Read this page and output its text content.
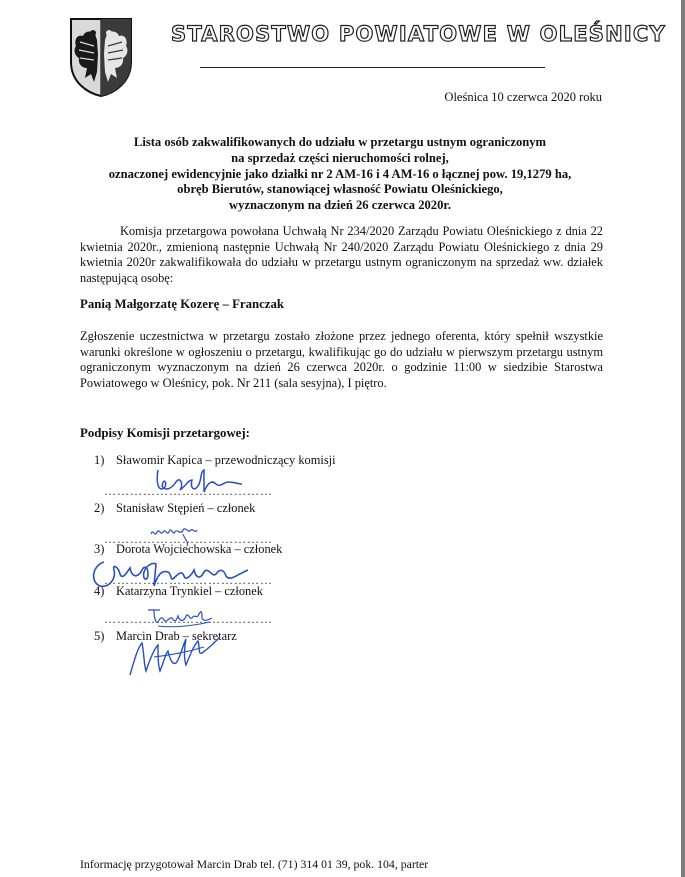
STAROSTWO POWIATOWE W OLEŚNICY
Oleśnica 10 czerwca 2020 roku
Lista osób zakwalifikowanych do udziału w przetargu ustnym ograniczonym
na sprzedaż części nieruchomości rolnej,
oznaczonej ewidencyjnie jako działki nr 2 AM-16 i 4 AM-16 o łącznej pow. 19,1279 ha,
obręb Bierutów, stanowiącej własność Powiatu Oleśnickiego,
wyznaczonym na dzień 26 czerwca 2020r.
Komisja przetargowa powołana Uchwałą Nr 234/2020 Zarządu Powiatu Oleśnickiego z dnia 22 kwietnia 2020r., zmienioną następnie Uchwałą Nr 240/2020 Zarządu Powiatu Oleśnickiego z dnia 29 kwietnia 2020r zakwalifikowała do udziału w przetargu ustnym ograniczonym na sprzedaż ww. działek następującą osobę:
Panią Małgorzatę Kozerę – Franczak
Zgłoszenie uczestnictwa w przetargu zostało złożone przez jednego oferenta, który spełnił wszystkie warunki określone w ogłoszeniu o przetargu, kwalifikując go do udziału w pierwszym przetargu ustnym ograniczonym wyznaczonym na dzień 26 czerwca 2020r. o godzinie 11:00 w siedzibie Starostwa Powiatowego w Oleśnicy, pok. Nr 211 (sala sesyjna), I piętro.
Podpisy Komisji przetargowej:
1) Sławomir Kapica – przewodniczący komisji
…………………………………
2) Stanisław Stępień – członek
…………………………………
3) Dorota Wojciechowska – członek
…………………………………
4) Katarzyna Trynkiel – członek
…………………………………
5) Marcin Drab – sekretarz
Informację przygotował Marcin Drab tel. (71) 314 01 39, pok. 104, parter
